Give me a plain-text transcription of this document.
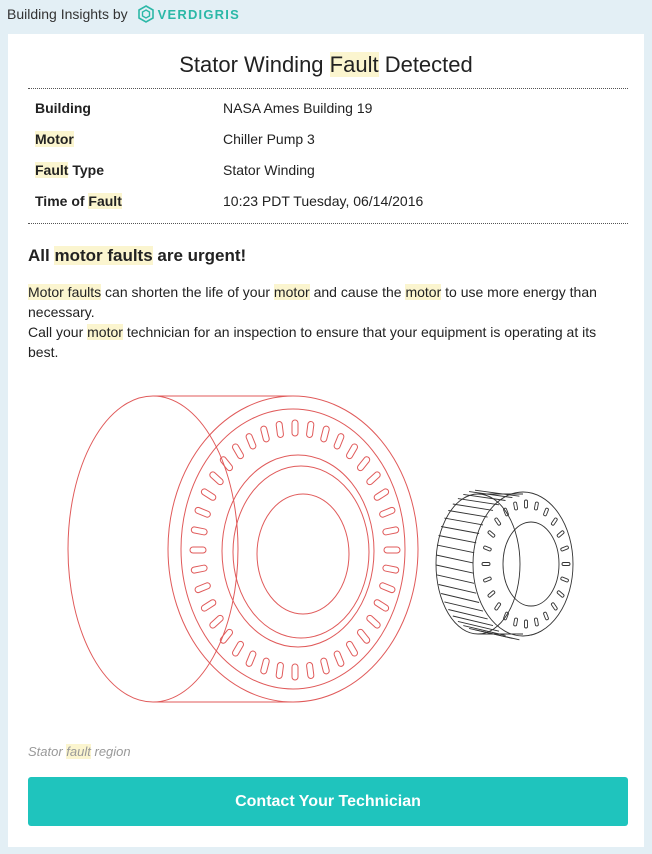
Building Insights by VERDIGRIS
Stator Winding Fault Detected
Building	NASA Ames Building 19
Motor	Chiller Pump 3
Fault Type	Stator Winding
Time of Fault	10:23 PDT Tuesday, 06/14/2016
All motor faults are urgent!

Motor faults can shorten the life of your motor and cause the motor to use more energy than necessary.

Call your motor technician for an inspection to ensure that your equipment is operating at its best.

Stator fault region
Contact Your Technician
